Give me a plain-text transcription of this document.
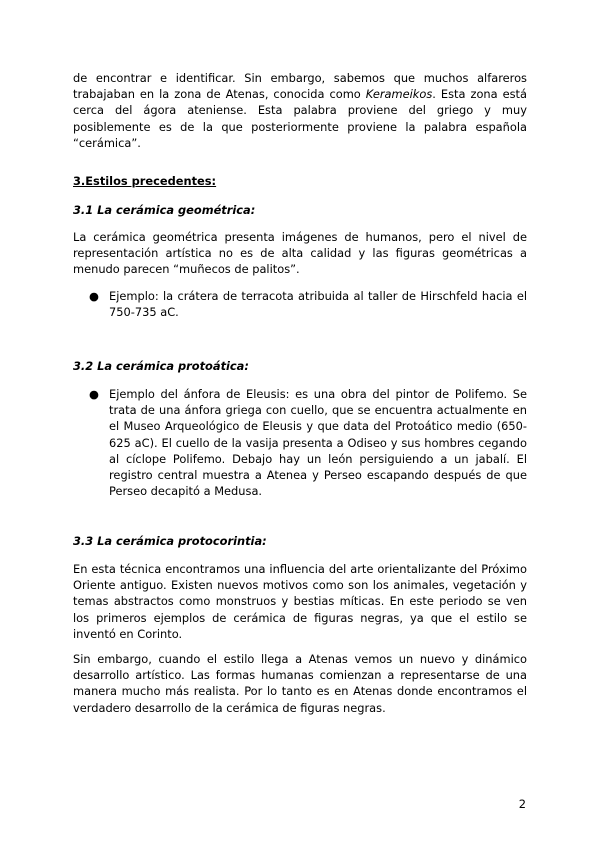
de encontrar e identificar. Sin embargo, sabemos que muchos alfareros trabajaban en la zona de Atenas, conocida como Kerameikos. Esta zona está cerca del ágora ateniense. Esta palabra proviene del griego y muy posiblemente es de la que posteriormente proviene la palabra española “cerámica”.

3.Estilos precedentes:
3.1 La cerámica geométrica:

La cerámica geométrica presenta imágenes de humanos, pero el nivel de representación artística no es de alta calidad y las figuras geométricas a menudo parecen “muñecos de palitos”.

● Ejemplo: la crátera de terracota atribuida al taller de Hirschfeld hacia el 750-735 aC.

3.2 La cerámica protoática:
● Ejemplo del ánfora de Eleusis: es una obra del pintor de Polifemo. Se trata de una ánfora griega con cuello, que se encuentra actualmente en el Museo Arqueológico de Eleusis y que data del Protoático medio (650-625 aC). El cuello de la vasija presenta a Odiseo y sus hombres cegando al cíclope Polifemo. Debajo hay un león persiguiendo a un jabalí. El registro central muestra a Atenea y Perseo escapando después de que Perseo decapitó a Medusa.

3.3 La cerámica protocorintia:

En esta técnica encontramos una influencia del arte orientalizante del Próximo Oriente antiguo. Existen nuevos motivos como son los animales, vegetación y temas abstractos como monstruos y bestias míticas. En este periodo se ven los primeros ejemplos de cerámica de figuras negras, ya que el estilo se inventó en Corinto.

Sin embargo, cuando el estilo llega a Atenas vemos un nuevo y dinámico desarrollo artístico. Las formas humanas comienzan a representarse de una manera mucho más realista. Por lo tanto es en Atenas donde encontramos el verdadero desarrollo de la cerámica de figuras negras.

2
